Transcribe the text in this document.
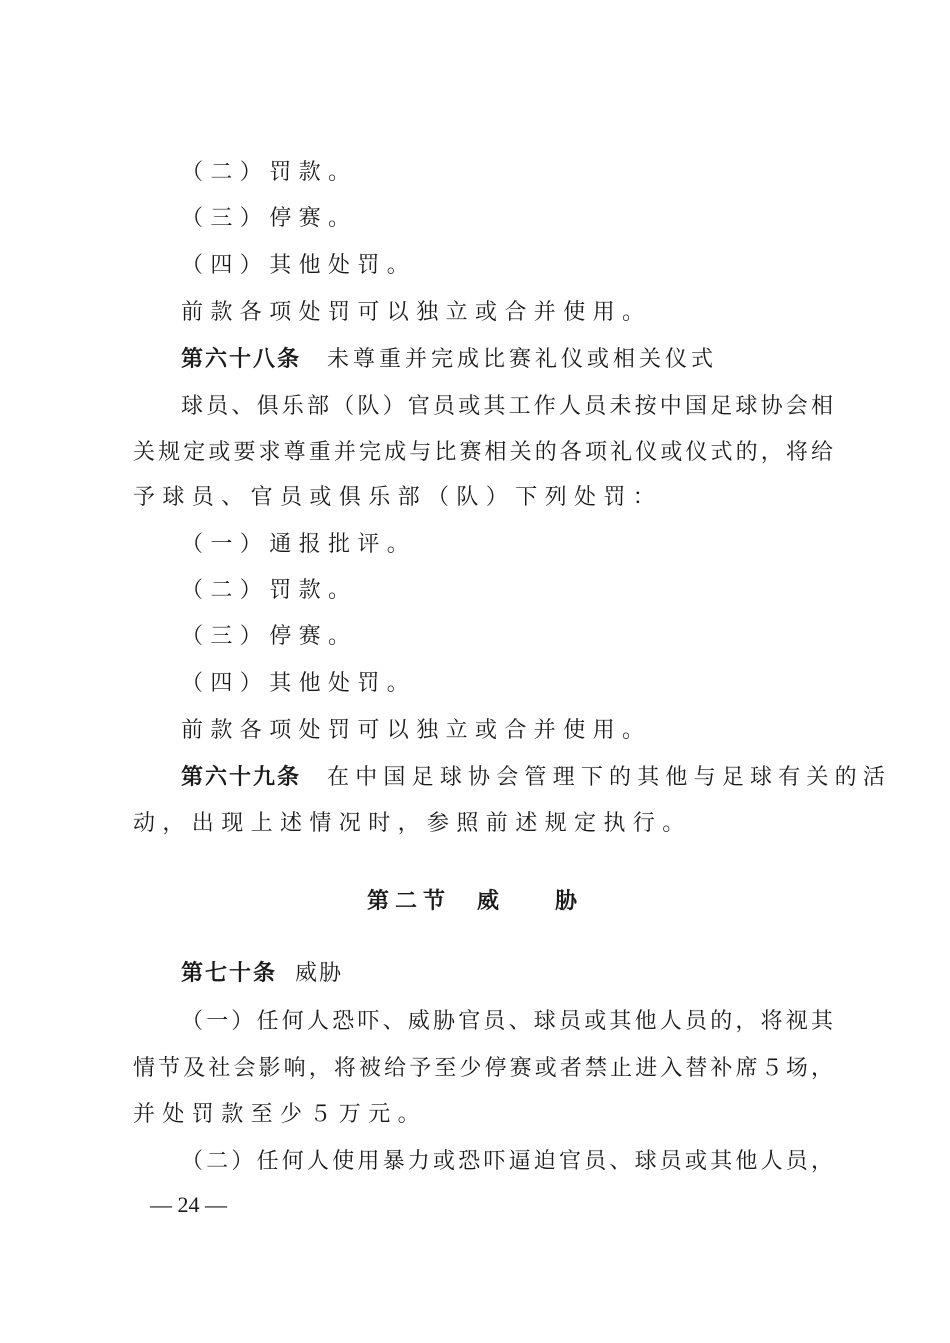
（二）罚款。
（三）停赛。
（四）其他处罚。
前款各项处罚可以独立或合并使用。
第六十八条 未尊重并完成比赛礼仪或相关仪式
球员、俱乐部（队）官员或其工作人员未按中国足球协会相
关规定或要求尊重并完成与比赛相关的各项礼仪或仪式的，将给
予球员、官员或俱乐部（队）下列处罚：
（一）通报批评。
（二）罚款。
（三）停赛。
（四）其他处罚。
前款各项处罚可以独立或合并使用。
第六十九条 在中国足球协会管理下的其他与足球有关的活
动，出现上述情况时，参照前述规定执行。
第二节 威 胁
第七十条 威胁
（一）任何人恐吓、威胁官员、球员或其他人员的，将视其
情节及社会影响，将被给予至少停赛或者禁止进入替补席５场，
并处罚款至少５万元。
（二）任何人使用暴力或恐吓逼迫官员、球员或其他人员，
— 24 —
